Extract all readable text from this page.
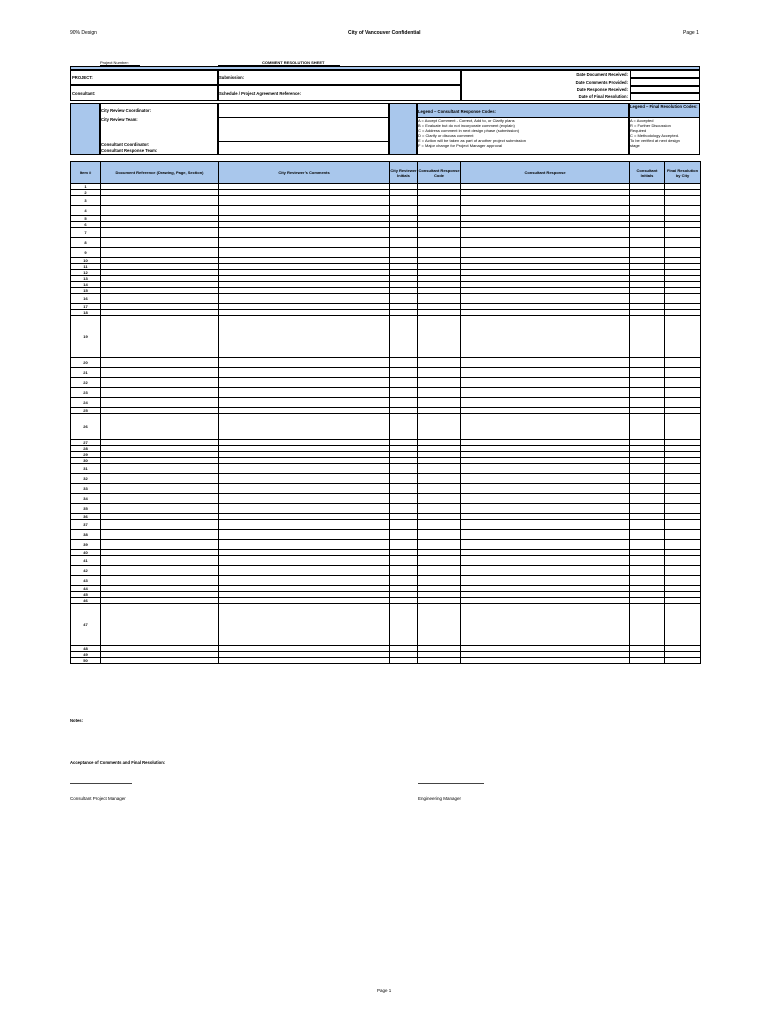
90% Design	City of Vancouver Confidential	Page 1
Project Number:	COMMENT RESOLUTION SHEET
PROJECT:
Consultant:
Submission:
Schedule / Project Agreement Reference:
Date Document Received:
Date Comments Provided:
Date Response Received:
Date of Final Resolution:
City Review Coordinator:
City Review Team:
Consultant Coordinator:
Consultant Response Team:
Legend – Consultant Response Codes:
A = Accept Comment - Correct, Add to, or Clarify plans
B = Evaluate but do not incorporate comment (explain)
C = Address comment in next design phase (submission)
D = Clarify or discuss comment
E = Action will be taken as part of another project submission
F = Major change for Project Manager approval
Legend – Final Resolution Codes:
A = Accepted
R = Further Discussion
Required
C = Methodology Accepted.
To be verified at next design
stage
Item #	Document Reference (Drawing, Page, Section)	City Reviewer’s Comments	City Reviewer Initials	Consultant Response Code	Consultant Response	Consultant Initials	Final Resolution by City
1							
2							
3							
4							
5							
6							
7							
8							
9							
10							
11							
12							
13							
14							
15							
16							
17							
18							
19							
20							
21							
22							
23							
24							
25							
26							
27							
28							
29							
30							
31							
32							
33							
34							
35							
36							
37							
38							
39							
40							
41							
42							
43							
44							
45							
46							
47							
48							
49							
50							
Notes:
Acceptance of Comments and Final Resolution:
Consultant Project Manager	Engineering Manager
Page 1
